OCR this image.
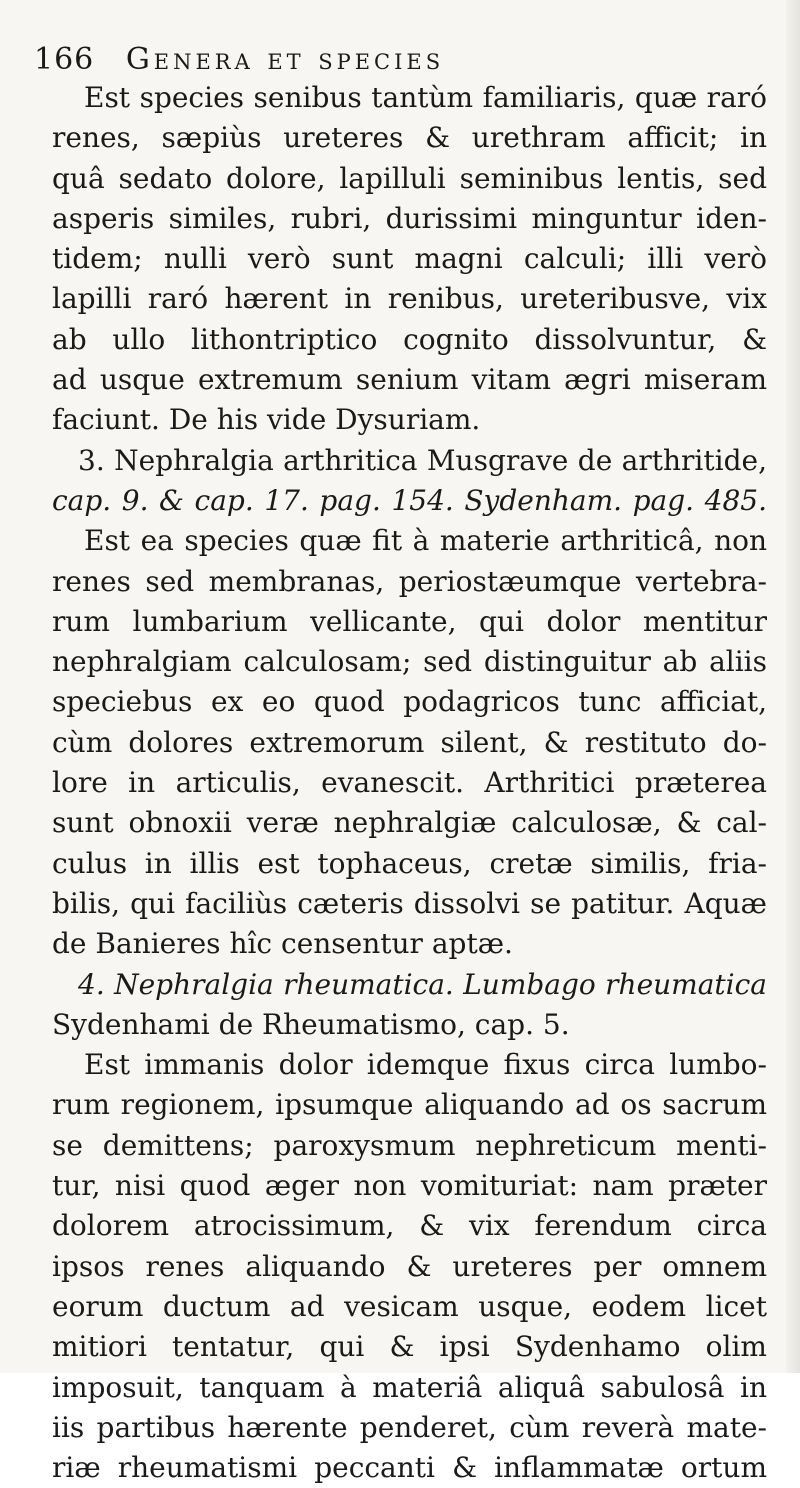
166 Genera et species
Est species senibus tantùm familiaris, quæ raró
renes, sæpiùs ureteres & urethram afficit; in
quâ sedato dolore, lapilluli seminibus lentis, sed
asperis similes, rubri, durissimi minguntur iden-
tidem; nulli verò sunt magni calculi; illi verò
lapilli raró hærent in renibus, ureteribusve, vix
ab ullo lithontriptico cognito dissolvuntur, &
ad usque extremum senium vitam ægri miseram
faciunt. De his vide Dysuriam.
3. Nephralgia arthritica Musgrave de arthritide,
cap. 9. & cap. 17. pag. 154. Sydenham. pag. 485.
Est ea species quæ fit à materie arthriticâ, non
renes sed membranas, periostæumque vertebra-
rum lumbarium vellicante, qui dolor mentitur
nephralgiam calculosam; sed distinguitur ab aliis
speciebus ex eo quod podagricos tunc afficiat,
cùm dolores extremorum silent, & restituto do-
lore in articulis, evanescit. Arthritici præterea
sunt obnoxii veræ nephralgiæ calculosæ, & cal-
culus in illis est tophaceus, cretæ similis, fria-
bilis, qui faciliùs cæteris dissolvi se patitur. Aquæ
de Banieres hîc censentur aptæ.
4. Nephralgia rheumatica. Lumbago rheumatica
Sydenhami de Rheumatismo, cap. 5.
Est immanis dolor idemque fixus circa lumbo-
rum regionem, ipsumque aliquando ad os sacrum
se demittens; paroxysmum nephreticum menti-
tur, nisi quod æger non vomituriat: nam præter
dolorem atrocissimum, & vix ferendum circa
ipsos renes aliquando & ureteres per omnem
eorum ductum ad vesicam usque, eodem licet
mitiori tentatur, qui & ipsi Sydenhamo olim
imposuit, tanquam à materiâ aliquâ sabulosâ in
iis partibus hærente penderet, cùm reverà mate-
riæ rheumatismi peccanti & inflammatæ ortum
